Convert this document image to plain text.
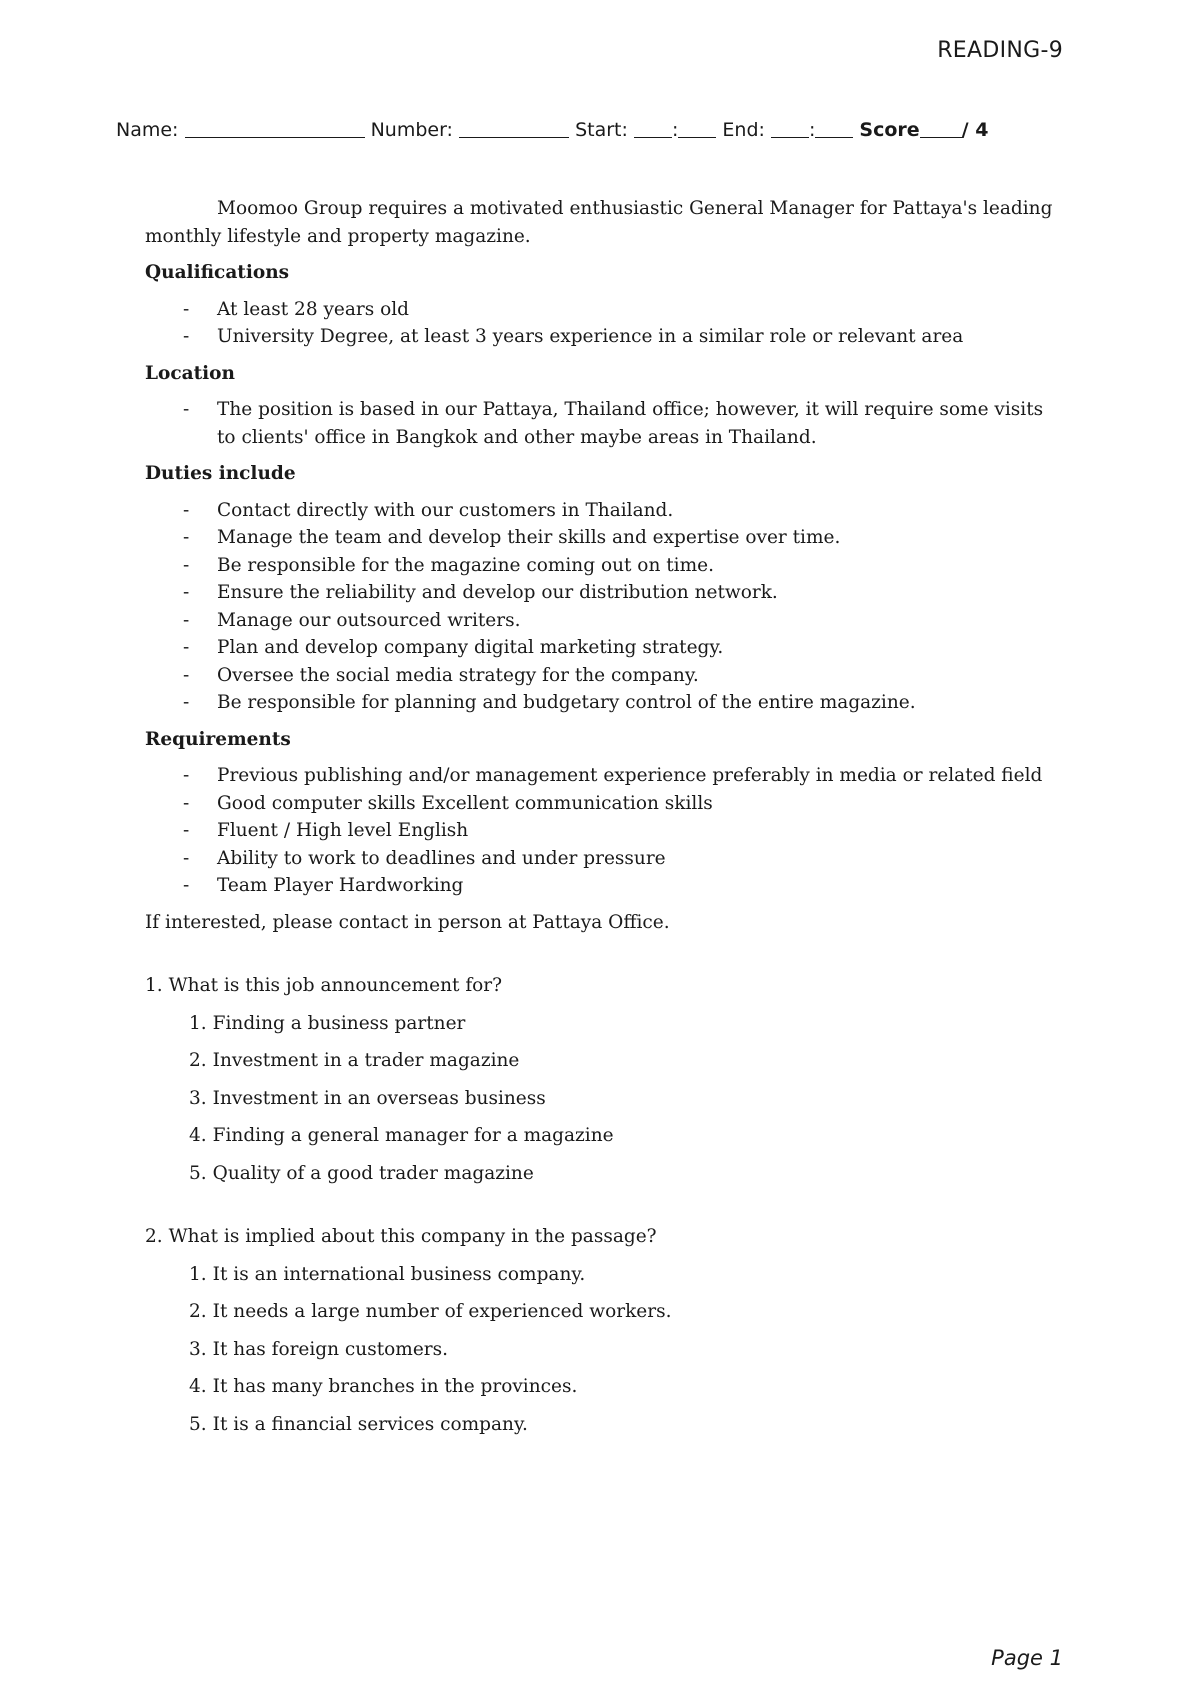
READING-9
Name:	Number:	Start: : End: : Score / 4

Moomoo Group requires a motivated enthusiastic General Manager for Pattaya's leading monthly lifestyle and property magazine.

Qualifications

- At least 28 years old
- University Degree, at least 3 years experience in a similar role or relevant area

Location

- The position is based in our Pattaya, Thailand office; however, it will require some visits to clients' office in Bangkok and other maybe areas in Thailand.

Duties include

- Contact directly with our customers in Thailand.
- Manage the team and develop their skills and expertise over time.
- Be responsible for the magazine coming out on time.
- Ensure the reliability and develop our distribution network.
- Manage our outsourced writers.
- Plan and develop company digital marketing strategy.
- Oversee the social media strategy for the company.
- Be responsible for planning and budgetary control of the entire magazine.

Requirements

- Previous publishing and/or management experience preferably in media or related field
- Good computer skills Excellent communication skills
- Fluent / High level English
- Ability to work to deadlines and under pressure
- Team Player Hardworking

If interested, please contact in person at Pattaya Office.

1. What is this job announcement for?

1. Finding a business partner

2. Investment in a trader magazine

3. Investment in an overseas business

4. Finding a general manager for a magazine

5. Quality of a good trader magazine

2. What is implied about this company in the passage?

1. It is an international business company.

2. It needs a large number of experienced workers.

3. It has foreign customers.

4. It has many branches in the provinces.

5. It is a financial services company.

Page 1
